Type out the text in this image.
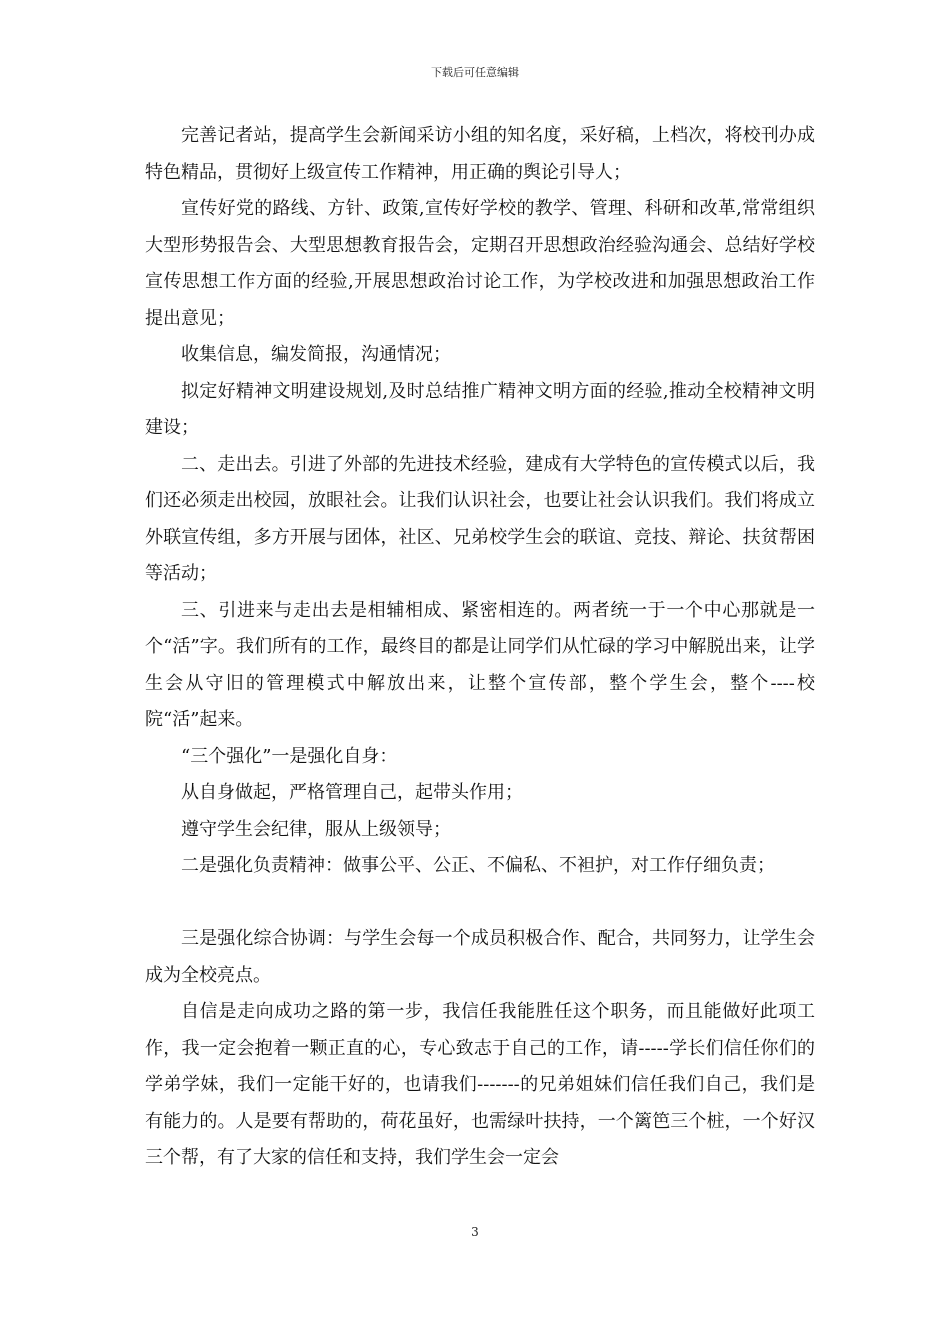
下载后可任意编辑

完善记者站，提高学生会新闻采访小组的知名度，采好稿，上档次，将校刊办成特色精品，贯彻好上级宣传工作精神，用正确的舆论引导人；

宣传好党的路线、方针、政策,宣传好学校的教学、管理、科研和改革,常常组织大型形势报告会、大型思想教育报告会，定期召开思想政治经验沟通会、总结好学校宣传思想工作方面的经验,开展思想政治讨论工作，为学校改进和加强思想政治工作提出意见；

收集信息，编发简报，沟通情况；

拟定好精神文明建设规划,及时总结推广精神文明方面的经验,推动全校精神文明建设；

二、走出去。引进了外部的先进技术经验，建成有大学特色的宣传模式以后，我们还必须走出校园，放眼社会。让我们认识社会，也要让社会认识我们。我们将成立外联宣传组，多方开展与团体，社区、兄弟校学生会的联谊、竞技、辩论、扶贫帮困等活动；

三、引进来与走出去是相辅相成、紧密相连的。两者统一于一个中心那就是一个“活”字。我们所有的工作，最终目的都是让同学们从忙碌的学习中解脱出来，让学生会从守旧的管理模式中解放出来，让整个宣传部，整个学生会，整个----校院“活”起来。

“三个强化”一是强化自身：

从自身做起，严格管理自己，起带头作用；

遵守学生会纪律，服从上级领导；

二是强化负责精神：做事公平、公正、不偏私、不袒护，对工作仔细负责；

三是强化综合协调：与学生会每一个成员积极合作、配合，共同努力，让学生会成为全校亮点。

自信是走向成功之路的第一步，我信任我能胜任这个职务，而且能做好此项工作，我一定会抱着一颗正直的心，专心致志于自己的工作，请-----学长们信任你们的学弟学妹，我们一定能干好的，也请我们-------的兄弟姐妹们信任我们自己，我们是有能力的。人是要有帮助的，荷花虽好，也需绿叶扶持，一个篱笆三个桩，一个好汉三个帮，有了大家的信任和支持，我们学生会一定会

3
